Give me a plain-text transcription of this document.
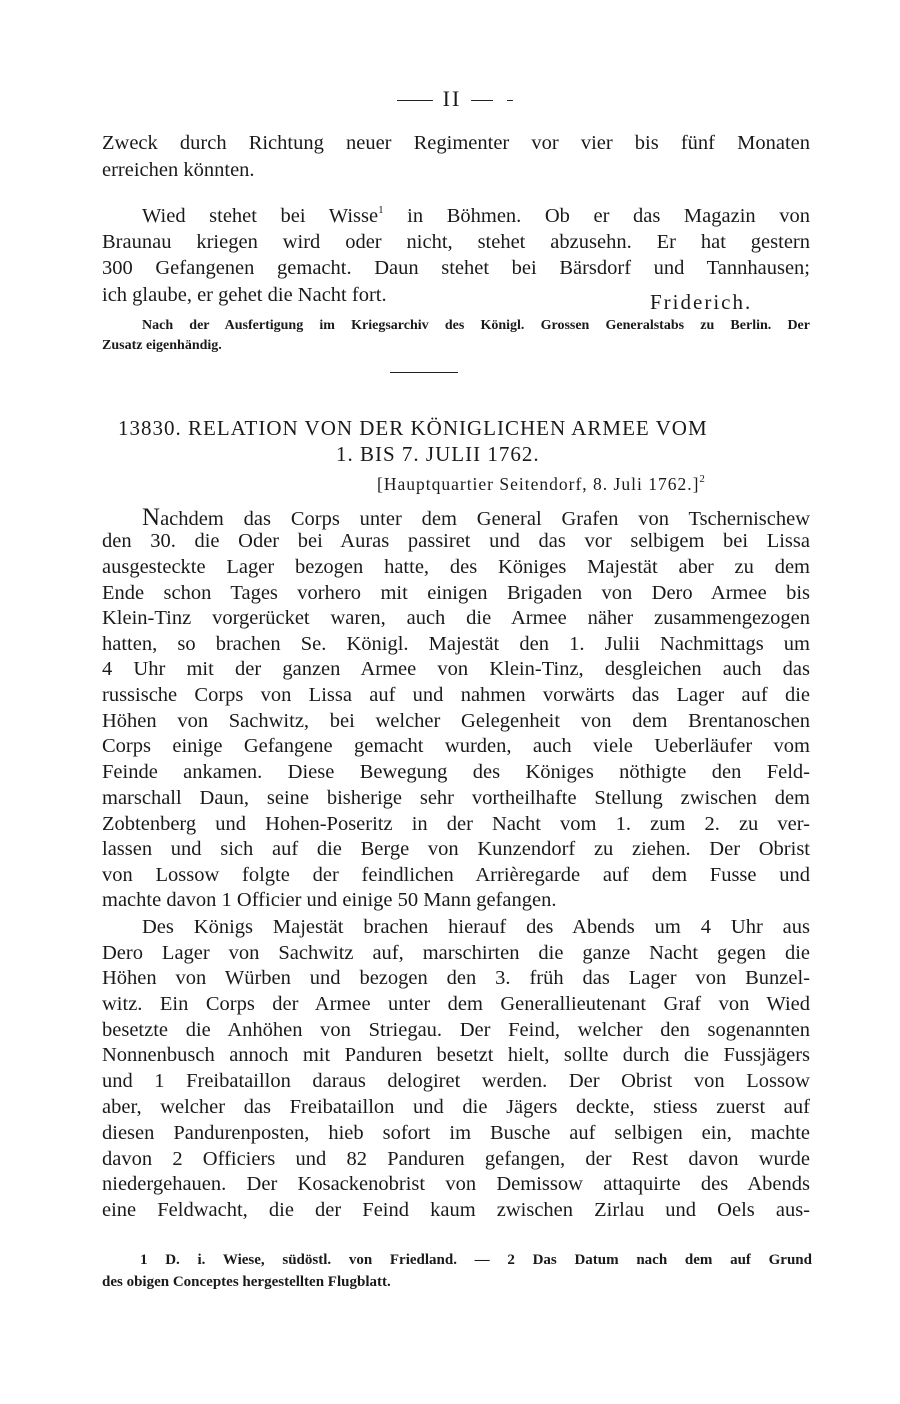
II
Zweck durch Richtung neuer Regimenter vor vier bis fünf Monaten
erreichen könnten.
Wied stehet bei Wisse$^1$ in Böhmen. Ob er das Magazin von
Braunau kriegen wird oder nicht, stehet abzusehn. Er hat gestern
300 Gefangenen gemacht. Daun stehet bei Bärsdorf und Tannhausen;
ich glaube, er gehet die Nacht fort.	Friderich.
Nach der Ausfertigung im Kriegsarchiv des Königl. Grossen Generalstabs zu Berlin. Der
Zusatz eigenhändig.
13830. RELATION VON DER KÖNIGLICHEN ARMEE VOM
1. BIS 7. JULII 1762.
[Hauptquartier Seitendorf, 8. Juli 1762.]$^2$
Nachdem das Corps unter dem General Grafen von Tschernischew
den 30. die Oder bei Auras passiret und das vor selbigem bei Lissa
ausgesteckte Lager bezogen hatte, des Königes Majestät aber zu dem
Ende schon Tages vorhero mit einigen Brigaden von Dero Armee bis
Klein-Tinz vorgerücket waren, auch die Armee näher zusammengezogen
hatten, so brachen Se. Königl. Majestät den 1. Julii Nachmittags um
4 Uhr mit der ganzen Armee von Klein-Tinz, desgleichen auch das
russische Corps von Lissa auf und nahmen vorwärts das Lager auf die
Höhen von Sachwitz, bei welcher Gelegenheit von dem Brentanoschen
Corps einige Gefangene gemacht wurden, auch viele Ueberläufer vom
Feinde ankamen. Diese Bewegung des Königes nöthigte den Feld-
marschall Daun, seine bisherige sehr vortheilhafte Stellung zwischen dem
Zobtenberg und Hohen-Poseritz in der Nacht vom 1. zum 2. zu ver-
lassen und sich auf die Berge von Kunzendorf zu ziehen. Der Obrist
von Lossow folgte der feindlichen Arrièregarde auf dem Fusse und
machte davon 1 Officier und einige 50 Mann gefangen.
Des Königs Majestät brachen hierauf des Abends um 4 Uhr aus
Dero Lager von Sachwitz auf, marschirten die ganze Nacht gegen die
Höhen von Würben und bezogen den 3. früh das Lager von Bunzel-
witz. Ein Corps der Armee unter dem Generallieutenant Graf von Wied
besetzte die Anhöhen von Striegau. Der Feind, welcher den sogenannten
Nonnenbusch annoch mit Panduren besetzt hielt, sollte durch die Fussjägers
und 1 Freibataillon daraus delogiret werden. Der Obrist von Lossow
aber, welcher das Freibataillon und die Jägers deckte, stiess zuerst auf
diesen Pandurenposten, hieb sofort im Busche auf selbigen ein, machte
davon 2 Officiers und 82 Panduren gefangen, der Rest davon wurde
niedergehauen. Der Kosackenobrist von Demissow attaquirte des Abends
eine Feldwacht, die der Feind kaum zwischen Zirlau und Oels aus-
1 D. i. Wiese, südöstl. von Friedland. — 2 Das Datum nach dem auf Grund
des obigen Conceptes hergestellten Flugblatt.
